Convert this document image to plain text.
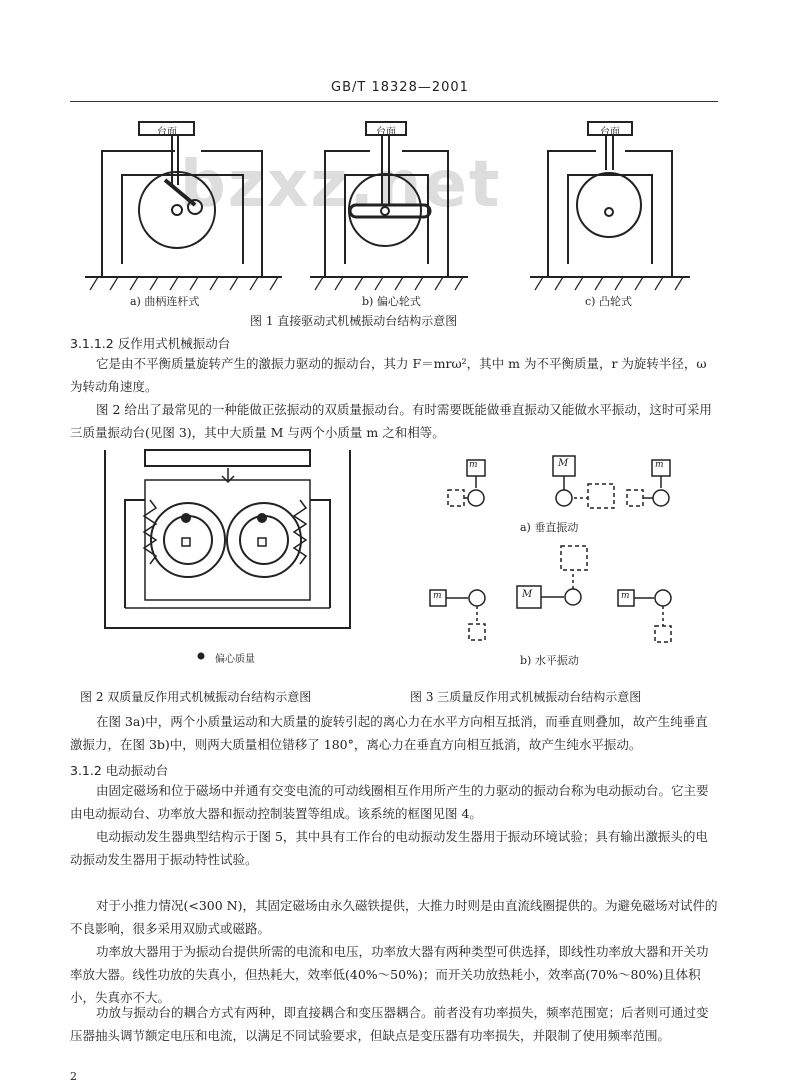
GB/T 18328—2001
bzxz.net
台面	台面	台面
a) 曲柄连杆式	b) 偏心轮式	c) 凸轮式
图 1 直接驱动式机械振动台结构示意图
3.1.1.2 反作用式机械振动台

它是由不平衡质量旋转产生的激振力驱动的振动台，其力 F＝mrω²，其中 m 为不平衡质量，r 为旋转半径，ω 为转动角速度。

图 2 给出了最常见的一种能做正弦振动的双质量振动台。有时需要既能做垂直振动又能做水平振动，这时可采用三质量振动台(见图 3)，其中大质量 M 与两个小质量 m 之和相等。

m	M	m
m	M	m
a) 垂直振动
b) 水平振动
偏心质量
图 2 双质量反作用式机械振动台结构示意图	图 3 三质量反作用式机械振动台结构示意图

在图 3a)中，两个小质量运动和大质量的旋转引起的离心力在水平方向相互抵消，而垂直则叠加，故产生纯垂直激振力，在图 3b)中，则两大质量相位错移了 180°，离心力在垂直方向相互抵消，故产生纯水平振动。

3.1.2 电动振动台

由固定磁场和位于磁场中并通有交变电流的可动线圈相互作用所产生的力驱动的振动台称为电动振动台。它主要由电动振动台、功率放大器和振动控制装置等组成。该系统的框图见图 4。

电动振动发生器典型结构示于图 5，其中具有工作台的电动振动发生器用于振动环境试验；具有输出激振头的电动振动发生器用于振动特性试验。

对于小推力情况(<300 N)，其固定磁场由永久磁铁提供，大推力时则是由直流线圈提供的。为避免磁场对试件的不良影响，很多采用双励式或磁路。

功率放大器用于为振动台提供所需的电流和电压，功率放大器有两种类型可供选择，即线性功率放大器和开关功率放大器。线性功放的失真小，但热耗大，效率低(40%～50%)；而开关功放热耗小，效率高(70%～80%)且体积小，失真亦不大。

功放与振动台的耦合方式有两种，即直接耦合和变压器耦合。前者没有功率损失，频率范围宽；后者则可通过变压器抽头调节额定电压和电流，以满足不同试验要求，但缺点是变压器有功率损失，并限制了使用频率范围。

2
